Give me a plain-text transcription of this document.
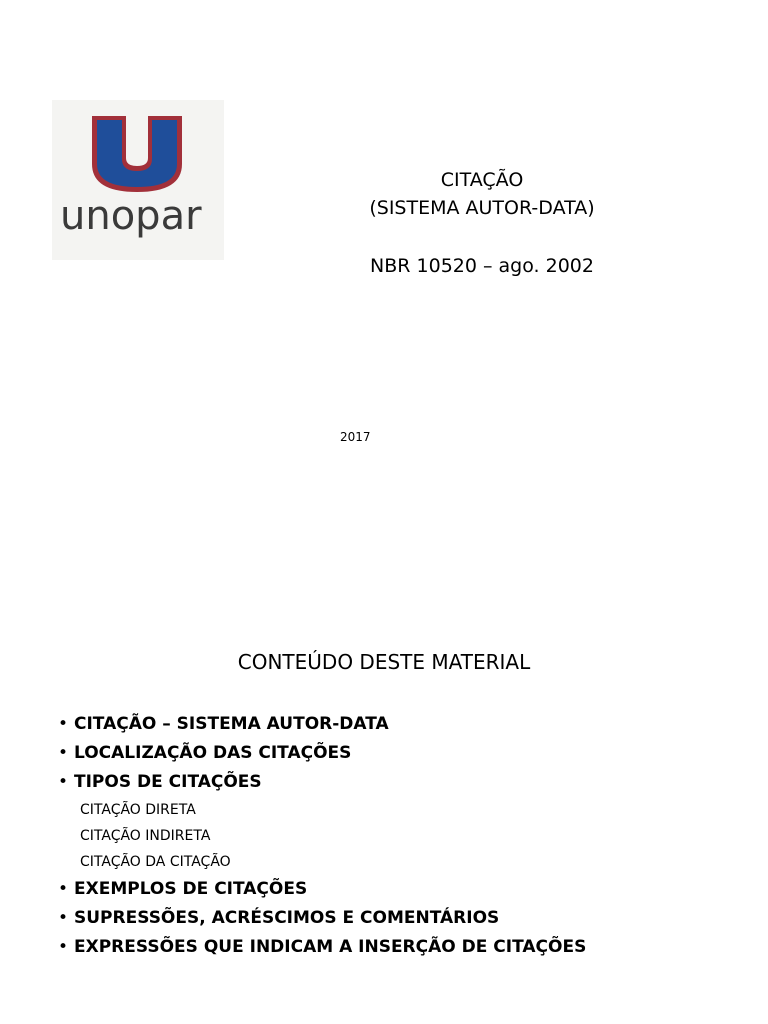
unopar
CITAÇÃO
(SISTEMA AUTOR-DATA)
NBR 10520 – ago. 2002
2017
CONTEÚDO DESTE MATERIAL
• CITAÇÃO – SISTEMA AUTOR-DATA
• LOCALIZAÇÃO DAS CITAÇÕES
• TIPOS DE CITAÇÕES
CITAÇÃO DIRETA
CITAÇÃO INDIRETA
CITAÇÃO DA CITAÇÃO
• EXEMPLOS DE CITAÇÕES
• SUPRESSÕES, ACRÉSCIMOS E COMENTÁRIOS
• EXPRESSÕES QUE INDICAM A INSERÇÃO DE CITAÇÕES
